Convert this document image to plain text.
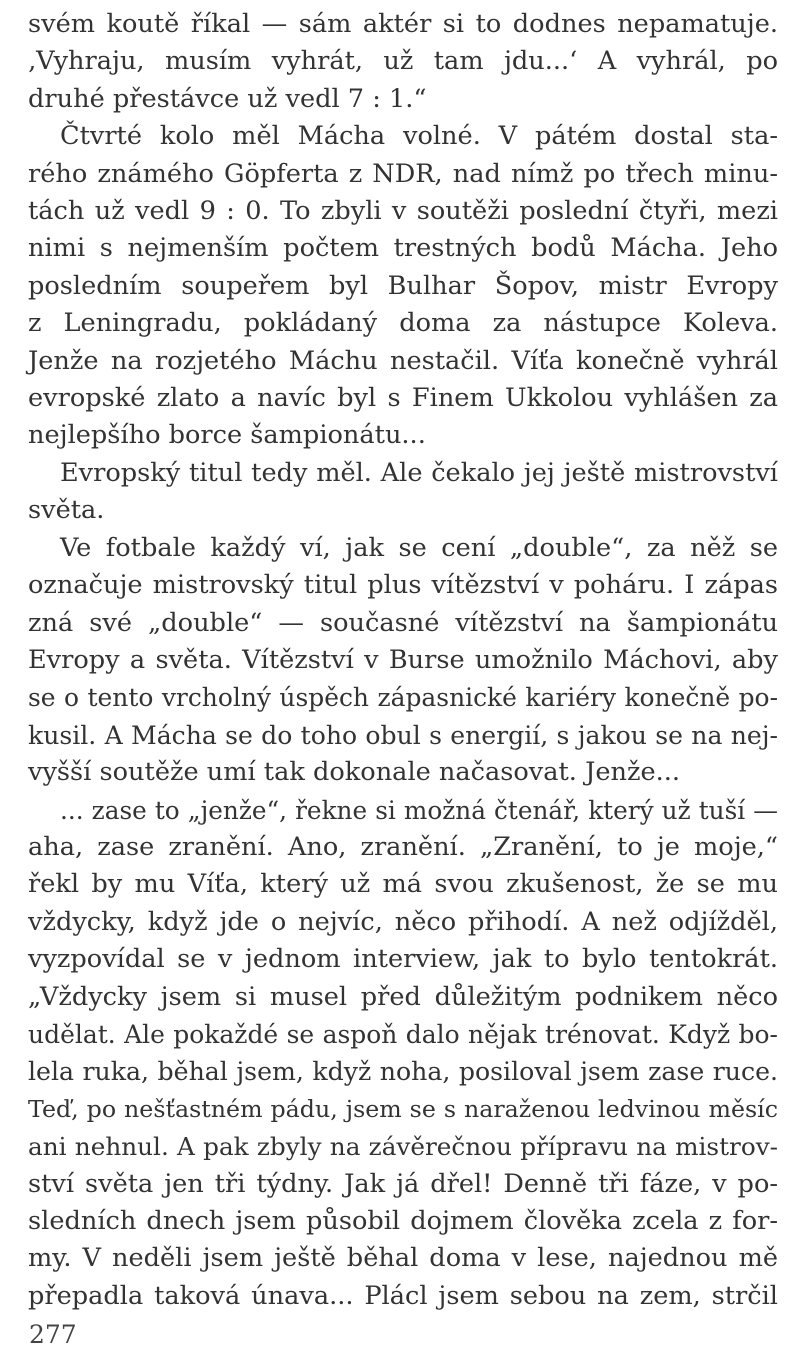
svém koutě říkal — sám aktér si to dodnes nepamatuje.
‚Vyhraju, musím vyhrát, už tam jdu...‘ A vyhrál, po
druhé přestávce už vedl 7 : 1.“
Čtvrté kolo měl Mácha volné. V pátém dostal sta-
rého známého Göpferta z NDR, nad nímž po třech minu-
tách už vedl 9 : 0. To zbyli v soutěži poslední čtyři, mezi
nimi s nejmenším počtem trestných bodů Mácha. Jeho
posledním soupeřem byl Bulhar Šopov, mistr Evropy
z Leningradu, pokládaný doma za nástupce Koleva.
Jenže na rozjetého Máchu nestačil. Víťa konečně vyhrál
evropské zlato a navíc byl s Finem Ukkolou vyhlášen za
nejlepšího borce šampionátu...
Evropský titul tedy měl. Ale čekalo jej ještě mistrovství
světa.
Ve fotbale každý ví, jak se cení „double“, za něž se
označuje mistrovský titul plus vítězství v poháru. I zápas
zná své „double“ — současné vítězství na šampionátu
Evropy a světa. Vítězství v Burse umožnilo Máchovi, aby
se o tento vrcholný úspěch zápasnické kariéry konečně po-
kusil. A Mácha se do toho obul s energií, s jakou se na nej-
vyšší soutěže umí tak dokonale načasovat. Jenže...
... zase to „jenže“, řekne si možná čtenář, který už tuší —
aha, zase zranění. Ano, zranění. „Zranění, to je moje,“
řekl by mu Víťa, který už má svou zkušenost, že se mu
vždycky, když jde o nejvíc, něco přihodí. A než odjížděl,
vyzpovídal se v jednom interview, jak to bylo tentokrát.
„Vždycky jsem si musel před důležitým podnikem něco
udělat. Ale pokaždé se aspoň dalo nějak trénovat. Když bo-
lela ruka, běhal jsem, když noha, posiloval jsem zase ruce.
Teď, po nešťastném pádu, jsem se s naraženou ledvinou měsíc
ani nehnul. A pak zbyly na závěrečnou přípravu na mistrov-
ství světa jen tři týdny. Jak já dřel! Denně tři fáze, v po-
sledních dnech jsem působil dojmem člověka zcela z for-
my. V neděli jsem ještě běhal doma v lese, najednou mě
přepadla taková únava... Plácl jsem sebou na zem, strčil
277
